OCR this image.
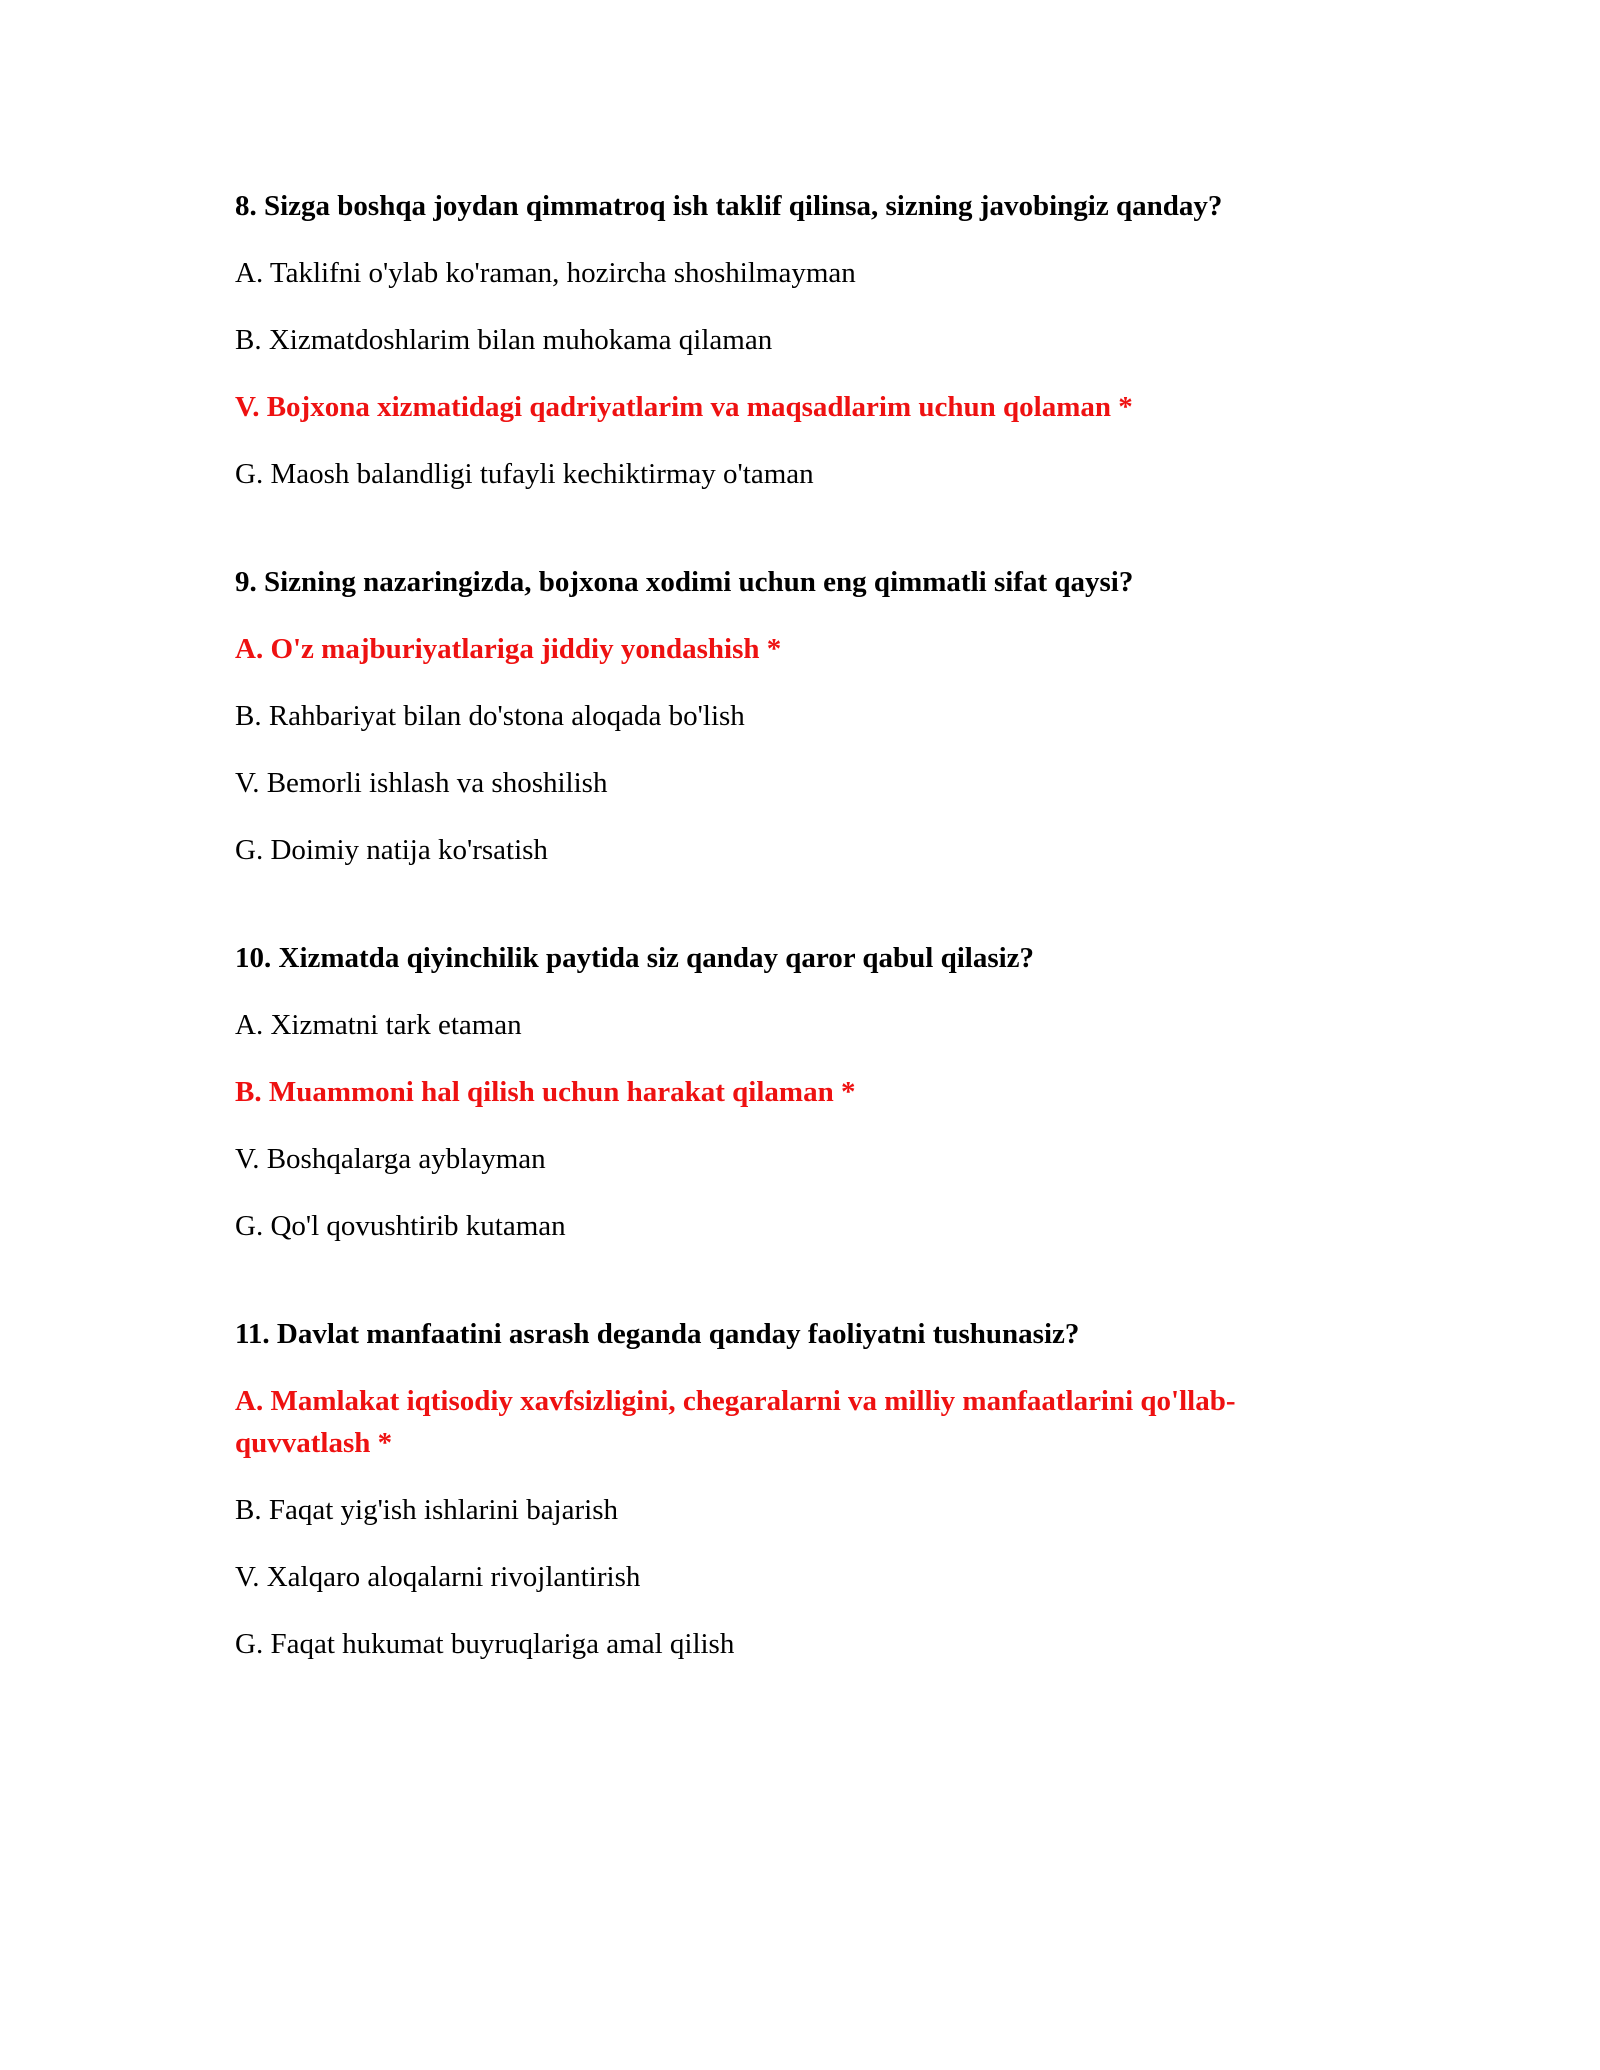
8. Sizga boshqa joydan qimmatroq ish taklif qilinsa, sizning javobingiz qanday?
A. Taklifni o'ylab ko'raman, hozircha shoshilmayman
B. Xizmatdoshlarim bilan muhokama qilaman
V. Bojxona xizmatidagi qadriyatlarim va maqsadlarim uchun qolaman *
G. Maosh balandligi tufayli kechiktirmay o'taman
9. Sizning nazaringizda, bojxona xodimi uchun eng qimmatli sifat qaysi?
A. O'z majburiyatlariga jiddiy yondashish *
B. Rahbariyat bilan do'stona aloqada bo'lish
V. Bemorli ishlash va shoshilish
G. Doimiy natija ko'rsatish
10. Xizmatda qiyinchilik paytida siz qanday qaror qabul qilasiz?
A. Xizmatni tark etaman
B. Muammoni hal qilish uchun harakat qilaman *
V. Boshqalarga ayblayman
G. Qo'l qovushtirib kutaman
11. Davlat manfaatini asrash deganda qanday faoliyatni tushunasiz?
A. Mamlakat iqtisodiy xavfsizligini, chegaralarni va milliy manfaatlarini qo'llab-quvvatlash *
B. Faqat yig'ish ishlarini bajarish
V. Xalqaro aloqalarni rivojlantirish
G. Faqat hukumat buyruqlariga amal qilish
